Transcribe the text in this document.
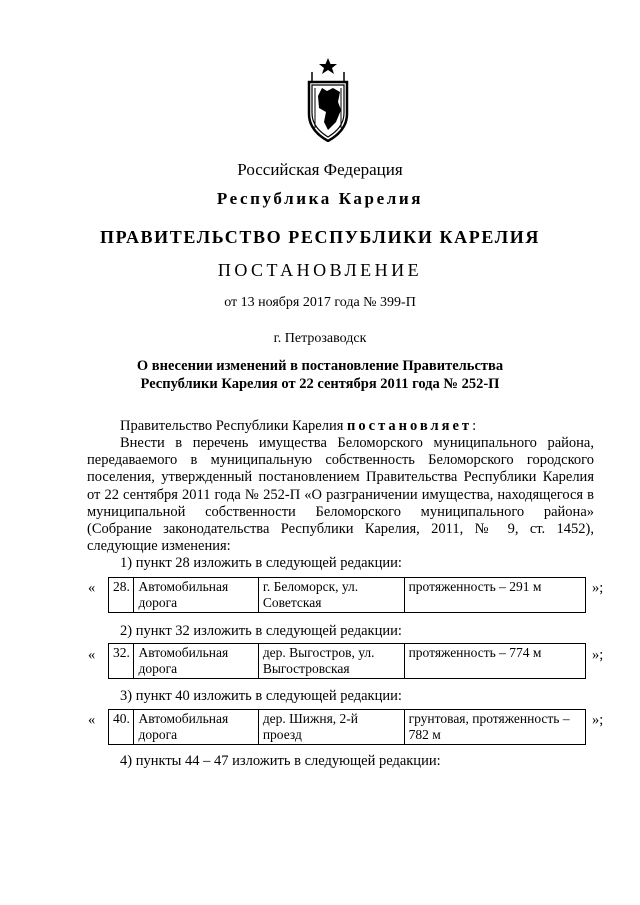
Российская Федерация
Республика Карелия
ПРАВИТЕЛЬСТВО РЕСПУБЛИКИ КАРЕЛИЯ
ПОСТАНОВЛЕНИЕ
от 13 ноября 2017 года № 399-П
г. Петрозаводск
О внесении изменений в постановление Правительства
Республики Карелия от 22 сентября 2011 года № 252-П
Правительство Республики Карелия постановляет:
Внести в перечень имущества Беломорского муниципального района, передаваемого в муниципальную собственность Беломорского городского поселения, утвержденный постановлением Правительства Республики Карелия от 22 сентября 2011 года № 252-П «О разграничении имущества, находящегося в муниципальной собственности Беломорского муниципального района» (Собрание законодательства Республики Карелия, 2011, № 9, ст. 1452), следующие изменения:
1) пункт 28 изложить в следующей редакции:
« 28.	Автомобильная дорога	г. Беломорск, ул. Советская	протяженность – 291 м	»;
2) пункт 32 изложить в следующей редакции:
« 32.	Автомобильная дорога	дер. Выгостров, ул. Выгостровская	протяженность – 774 м	»;
3) пункт 40 изложить в следующей редакции:
« 40.	Автомобильная дорога	дер. Шижня, 2-й проезд	грунтовая, протяженность – 782 м
»;
4) пункты 44 – 47 изложить в следующей редакции:
